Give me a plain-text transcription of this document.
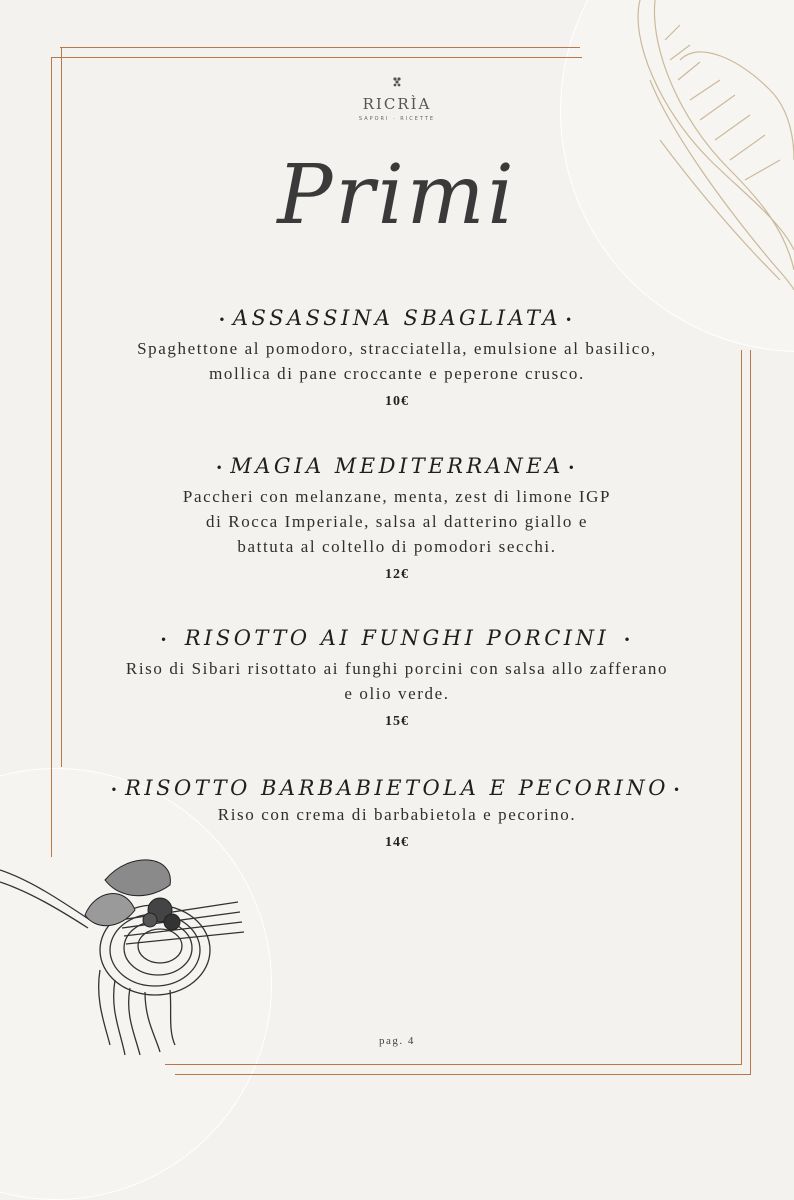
RICRÌA
SAPORI · RICETTE
Primi
• ASSASSINA SBAGLIATA •
Spaghettone al pomodoro, stracciatella, emulsione al basilico,
mollica di pane croccante e peperone crusco.
10€
• MAGIA MEDITERRANEA •
Paccheri con melanzane, menta, zest di limone IGP
di Rocca Imperiale, salsa al datterino giallo e
battuta al coltello di pomodori secchi.
12€
• RISOTTO AI FUNGHI PORCINI •
Riso di Sibari risottato ai funghi porcini con salsa allo zafferano
e olio verde.
15€
• RISOTTO BARBABIETOLA E PECORINO •
Riso con crema di barbabietola e pecorino.
14€
pag. 4
